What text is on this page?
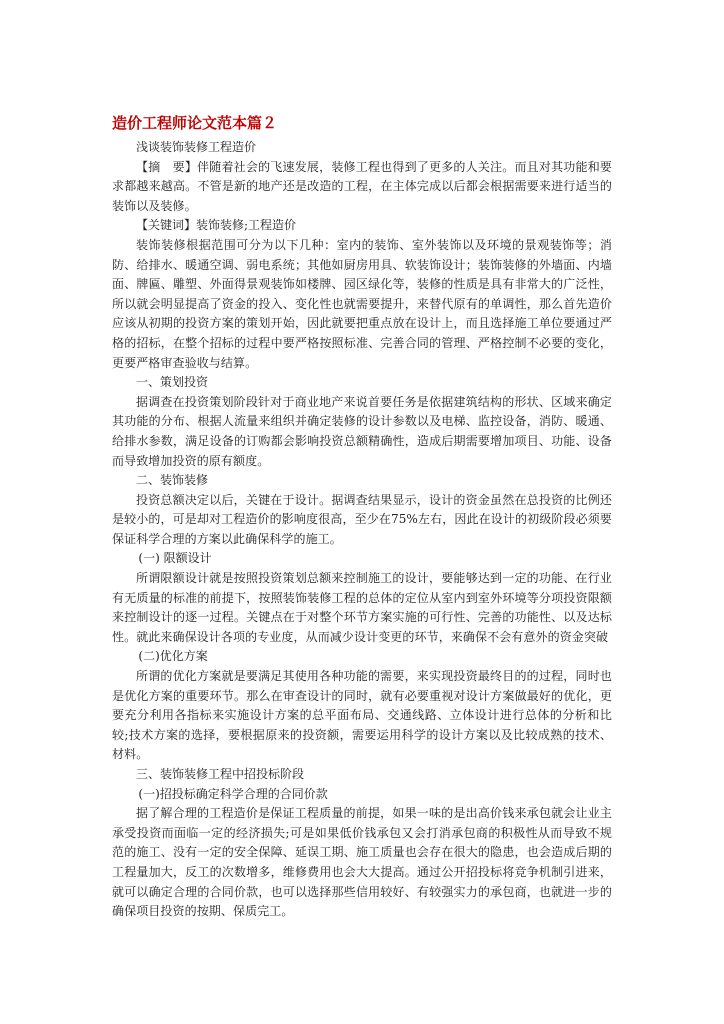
造价工程师论文范本篇２

浅谈装饰装修工程造价

【摘　要】伴随着社会的飞速发展，装修工程也得到了更多的人关注。而且对其功能和要求都越来越高。不管是新的地产还是改造的工程，在主体完成以后都会根据需要来进行适当的装饰以及装修。

【关键词】装饰装修;工程造价

装饰装修根据范围可分为以下几种：室内的装饰、室外装饰以及环境的景观装饰等；消防、给排水、暖通空调、弱电系统；其他如厨房用具、软装饰设计；装饰装修的外墙面、内墙面、牌匾、雕塑、外面得景观装饰如楼牌、园区绿化等，装修的性质是具有非常大的广泛性，所以就会明显提高了资金的投入、变化性也就需要提升，来替代原有的单调性，那么首先造价应该从初期的投资方案的策划开始，因此就要把重点放在设计上，而且选择施工单位要通过严格的招标，在整个招标的过程中要严格按照标准、完善合同的管理、严格控制不必要的变化，更要严格审查验收与结算。

一、策划投资

据调查在投资策划阶段针对于商业地产来说首要任务是依据建筑结构的形状、区域来确定其功能的分布、根据人流量来组织并确定装修的设计参数以及电梯、监控设备，消防、暖通、给排水参数，满足设备的订购都会影响投资总额精确性，造成后期需要增加项目、功能、设备而导致增加投资的原有额度。

二、装饰装修

投资总额决定以后，关键在于设计。据调查结果显示，设计的资金虽然在总投资的比例还是较小的，可是却对工程造价的影响度很高，至少在75%左右，因此在设计的初级阶段必须要保证科学合理的方案以此确保科学的施工。

(一) 限额设计

所谓限额设计就是按照投资策划总额来控制施工的设计，要能够达到一定的功能、在行业有无质量的标准的前提下，按照装饰装修工程的总体的定位从室内到室外环境等分项投资限额来控制设计的逐一过程。关键点在于对整个环节方案实施的可行性、完善的功能性、以及达标性。就此来确保设计各项的专业度，从而减少设计变更的环节，来确保不会有意外的资金突破

(二)优化方案

所谓的优化方案就是要满足其使用各种功能的需要，来实现投资最终目的的过程，同时也是优化方案的重要环节。那么在审查设计的同时，就有必要重视对设计方案做最好的优化，更要充分利用各指标来实施设计方案的总平面布局、交通线路、立体设计进行总体的分析和比较;技术方案的选择，要根据原来的投资额，需要运用科学的设计方案以及比较成熟的技术、材料。

三、装饰装修工程中招投标阶段

(一)招投标确定科学合理的合同价款

据了解合理的工程造价是保证工程质量的前提，如果一味的是出高价钱来承包就会让业主承受投资而面临一定的经济损失;可是如果低价钱承包又会打消承包商的积极性从而导致不规范的施工、没有一定的安全保障、延误工期、施工质量也会存在很大的隐患，也会造成后期的工程量加大，反工的次数增多，维修费用也会大大提高。通过公开招投标将竞争机制引进来，就可以确定合理的合同价款，也可以选择那些信用较好、有较强实力的承包商，也就进一步的确保项目投资的按期、保质完工。
